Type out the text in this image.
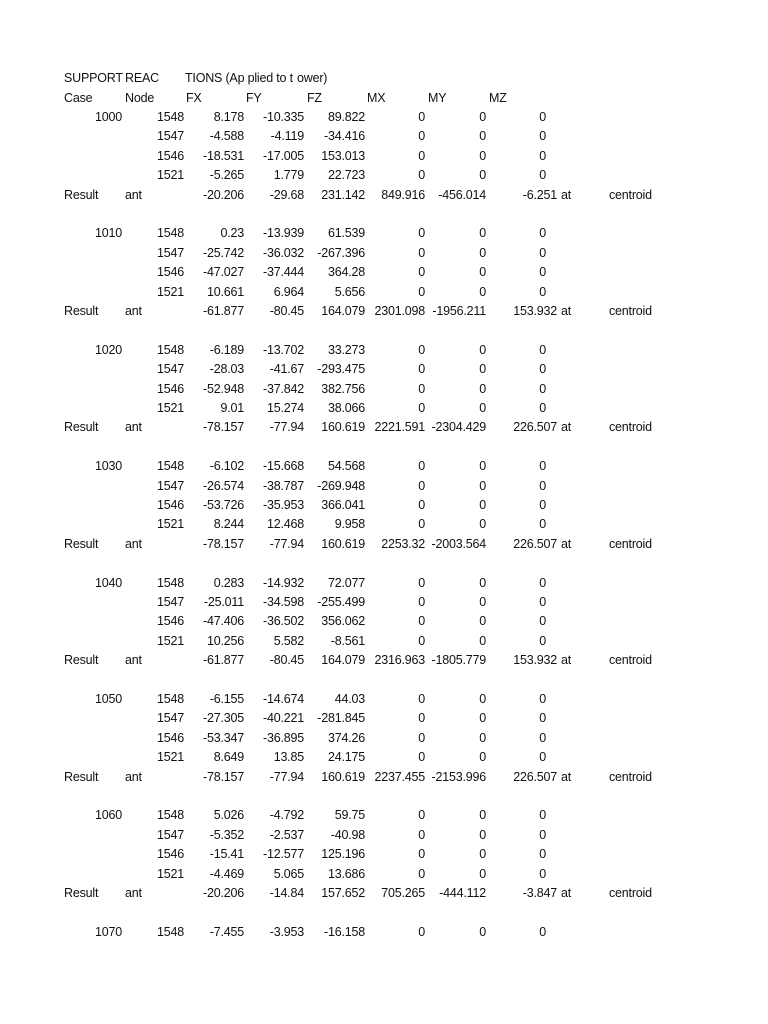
SUPPORT REAC TIONS (Ap plied to t ower)
Case	Node	FX	FY	FZ	MX	MY	MZ
1000	1548 8.178 -10.335 89.822	0	0	0
1547 -4.588 -4.119 -34.416	0	0	0
1546 -18.531 -17.005 153.013	0	0	0
1521 -5.265 1.779 22.723	0	0	0
Result ant	-20.206 -29.68 231.142 849.916 -456.014	-6.251 at	centroid
1010	1548	0.23 -13.939 61.539	0	0	0
1547 -25.742 -36.032 -267.396	0	0	0
1546 -47.027 -37.444 364.28	0	0	0
1521 10.661 6.964 5.656	0	0	0
Result ant	-61.877 -80.45 164.079 2301.098 -1956.211 153.932 at	centroid
1020	1548 -6.189 -13.702 33.273	0	0	0
1547 -28.03 -41.67 -293.475	0	0	0
1546 -52.948 -37.842 382.756	0	0	0
1521	9.01 15.274 38.066	0	0	0
Result ant	-78.157 -77.94 160.619 2221.591 -2304.429 226.507 at	centroid
1030	1548 -6.102 -15.668 54.568	0	0	0
1547 -26.574 -38.787 -269.948	0	0	0
1546 -53.726 -35.953 366.041	0	0	0
1521 8.244 12.468 9.958	0	0	0
Result ant	-78.157 -77.94 160.619 2253.32 -2003.564 226.507 at	centroid
1040	1548 0.283 -14.932 72.077	0	0	0
1547 -25.011 -34.598 -255.499	0	0	0
1546 -47.406 -36.502 356.062	0	0	0
1521 10.256 5.582 -8.561	0	0	0
Result ant	-61.877 -80.45 164.079 2316.963 -1805.779 153.932 at	centroid
1050	1548 -6.155 -14.674 44.03	0	0	0
1547 -27.305 -40.221 -281.845	0	0	0
1546 -53.347 -36.895 374.26	0	0	0
1521 8.649 13.85 24.175	0	0	0
Result ant	-78.157 -77.94 160.619 2237.455 -2153.996 226.507 at	centroid
1060	1548 5.026 -4.792 59.75	0	0	0
1547 -5.352 -2.537 -40.98	0	0	0
1546 -15.41 -12.577 125.196	0	0	0
1521 -4.469 5.065 13.686	0	0	0
Result ant	-20.206 -14.84 157.652 705.265 -444.112	-3.847 at	centroid
1070	1548 -7.455 -3.953 -16.158	0	0	0
